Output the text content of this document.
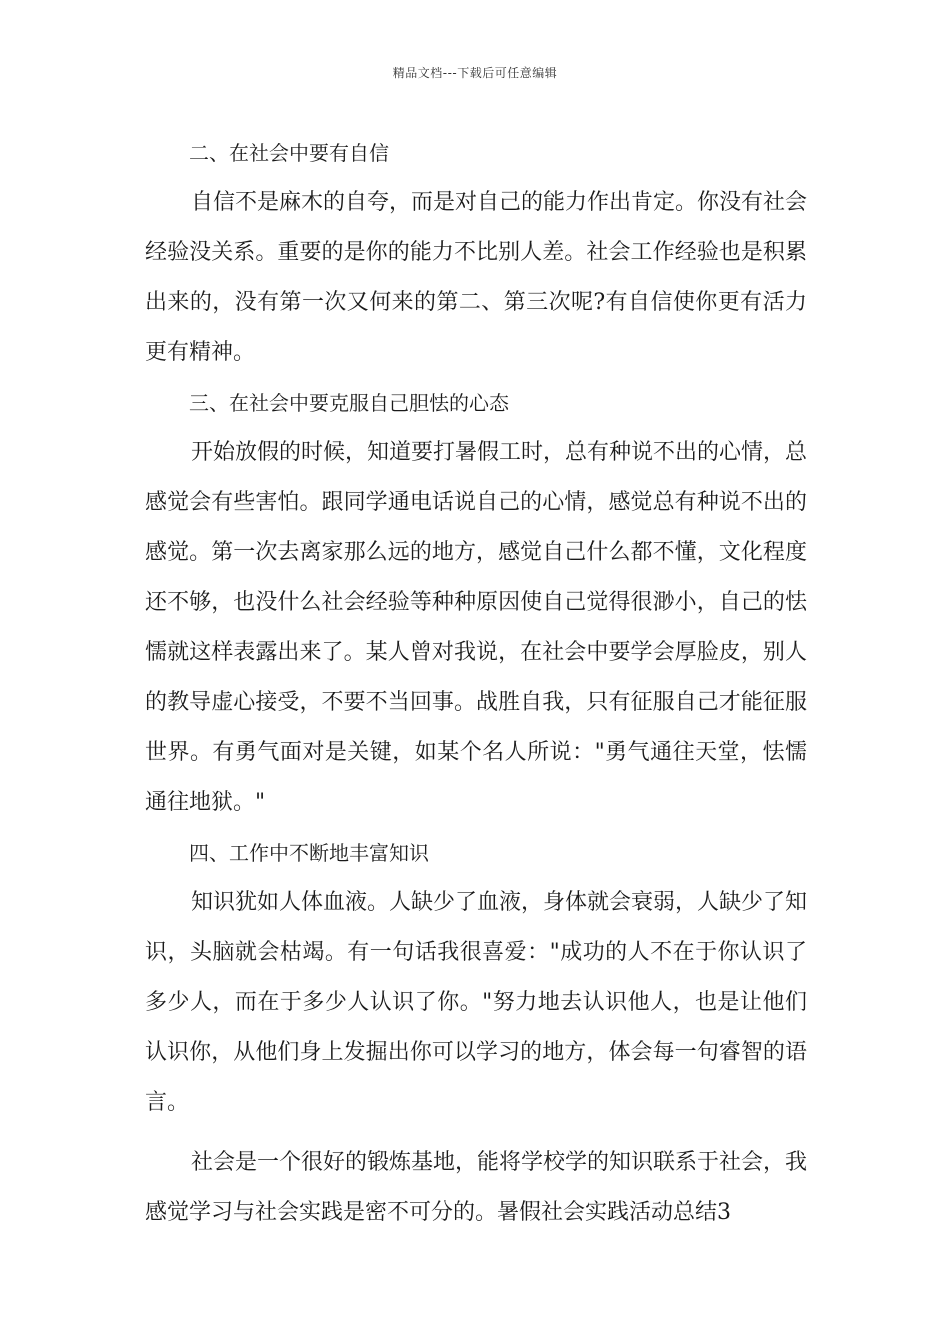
精品文档---下载后可任意编辑
二、在社会中要有自信

自信不是麻木的自夸，而是对自己的能力作出肯定。你没有社会经验没关系。重要的是你的能力不比别人差。社会工作经验也是积累出来的，没有第一次又何来的第二、第三次呢?有自信使你更有活力更有精神。

三、在社会中要克服自己胆怯的心态

开始放假的时候，知道要打暑假工时，总有种说不出的心情，总感觉会有些害怕。跟同学通电话说自己的心情，感觉总有种说不出的感觉。第一次去离家那么远的地方，感觉自己什么都不懂，文化程度还不够，也没什么社会经验等种种原因使自己觉得很渺小，自己的怯懦就这样表露出来了。某人曾对我说，在社会中要学会厚脸皮，别人的教导虚心接受，不要不当回事。战胜自我，只有征服自己才能征服世界。有勇气面对是关键，如某个名人所说："勇气通往天堂，怯懦通往地狱。"

四、工作中不断地丰富知识

知识犹如人体血液。人缺少了血液，身体就会衰弱，人缺少了知识，头脑就会枯竭。有一句话我很喜爱："成功的人不在于你认识了多少人，而在于多少人认识了你。"努力地去认识他人，也是让他们认识你，从他们身上发掘出你可以学习的地方，体会每一句睿智的语言。

社会是一个很好的锻炼基地，能将学校学的知识联系于社会，我感觉学习与社会实践是密不可分的。暑假社会实践活动总结3
